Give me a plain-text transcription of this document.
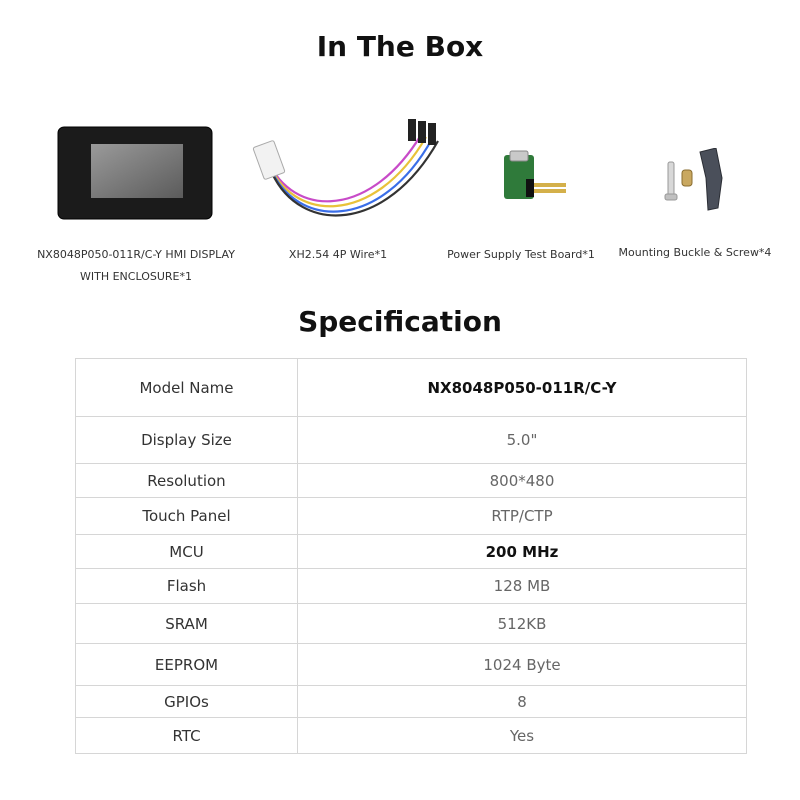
In The Box
NX8048P050-011R/C-Y HMI DISPLAY
WITH ENCLOSURE*1
XH2.54 4P Wire*1	Power Supply Test Board*1	Mounting Buckle & Screw*4
Specification
Model Name	NX8048P050-011R/C-Y
Display Size	5.0"
Resolution	800*480
Touch Panel	RTP/CTP
MCU	200 MHz
Flash	128 MB
SRAM	512KB
EEPROM	1024 Byte
GPIOs	8
RTC	Yes
